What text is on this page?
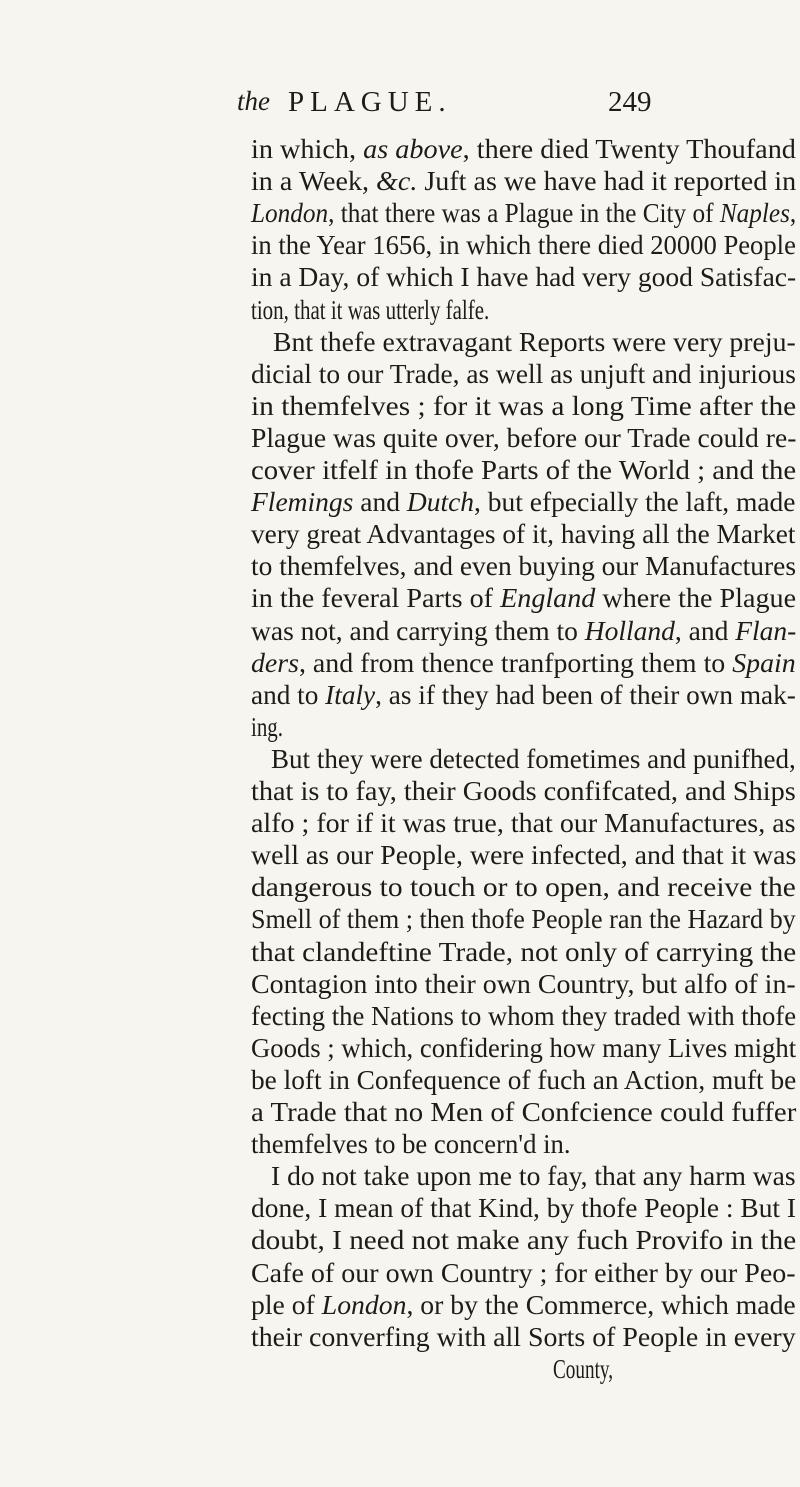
the PLAGUE.	249
in which, as above, there died Twenty Thoufand
in a Week, &c. Juft as we have had it reported in
London, that there was a Plague in the City of Naples,
in the Year 1656, in which there died 20000 People
in a Day, of which I have had very good Satisfac-
tion, that it was utterly falfe.
Bnt thefe extravagant Reports were very preju-
dicial to our Trade, as well as unjuft and injurious
in themfelves ; for it was a long Time after the
Plague was quite over, before our Trade could re-
cover itfelf in thofe Parts of the World ; and the
Flemings and Dutch, but efpecially the laft, made
very great Advantages of it, having all the Market
to themfelves, and even buying our Manufactures
in the feveral Parts of England where the Plague
was not, and carrying them to Holland, and Flan-
ders, and from thence tranfporting them to Spain
and to Italy, as if they had been of their own mak-
ing.
But they were detected fometimes and punifhed,
that is to fay, their Goods confifcated, and Ships
alfo ; for if it was true, that our Manufactures, as
well as our People, were infected, and that it was
dangerous to touch or to open, and receive the
Smell of them ; then thofe People ran the Hazard by
that clandeftine Trade, not only of carrying the
Contagion into their own Country, but alfo of in-
fecting the Nations to whom they traded with thofe
Goods ; which, confidering how many Lives might
be loft in Confequence of fuch an Action, muft be
a Trade that no Men of Confcience could fuffer
themfelves to be concern'd in.
I do not take upon me to fay, that any harm was
done, I mean of that Kind, by thofe People : But I
doubt, I need not make any fuch Provifo in the
Cafe of our own Country ; for either by our Peo-
ple of London, or by the Commerce, which made
their converfing with all Sorts of People in every
County,
